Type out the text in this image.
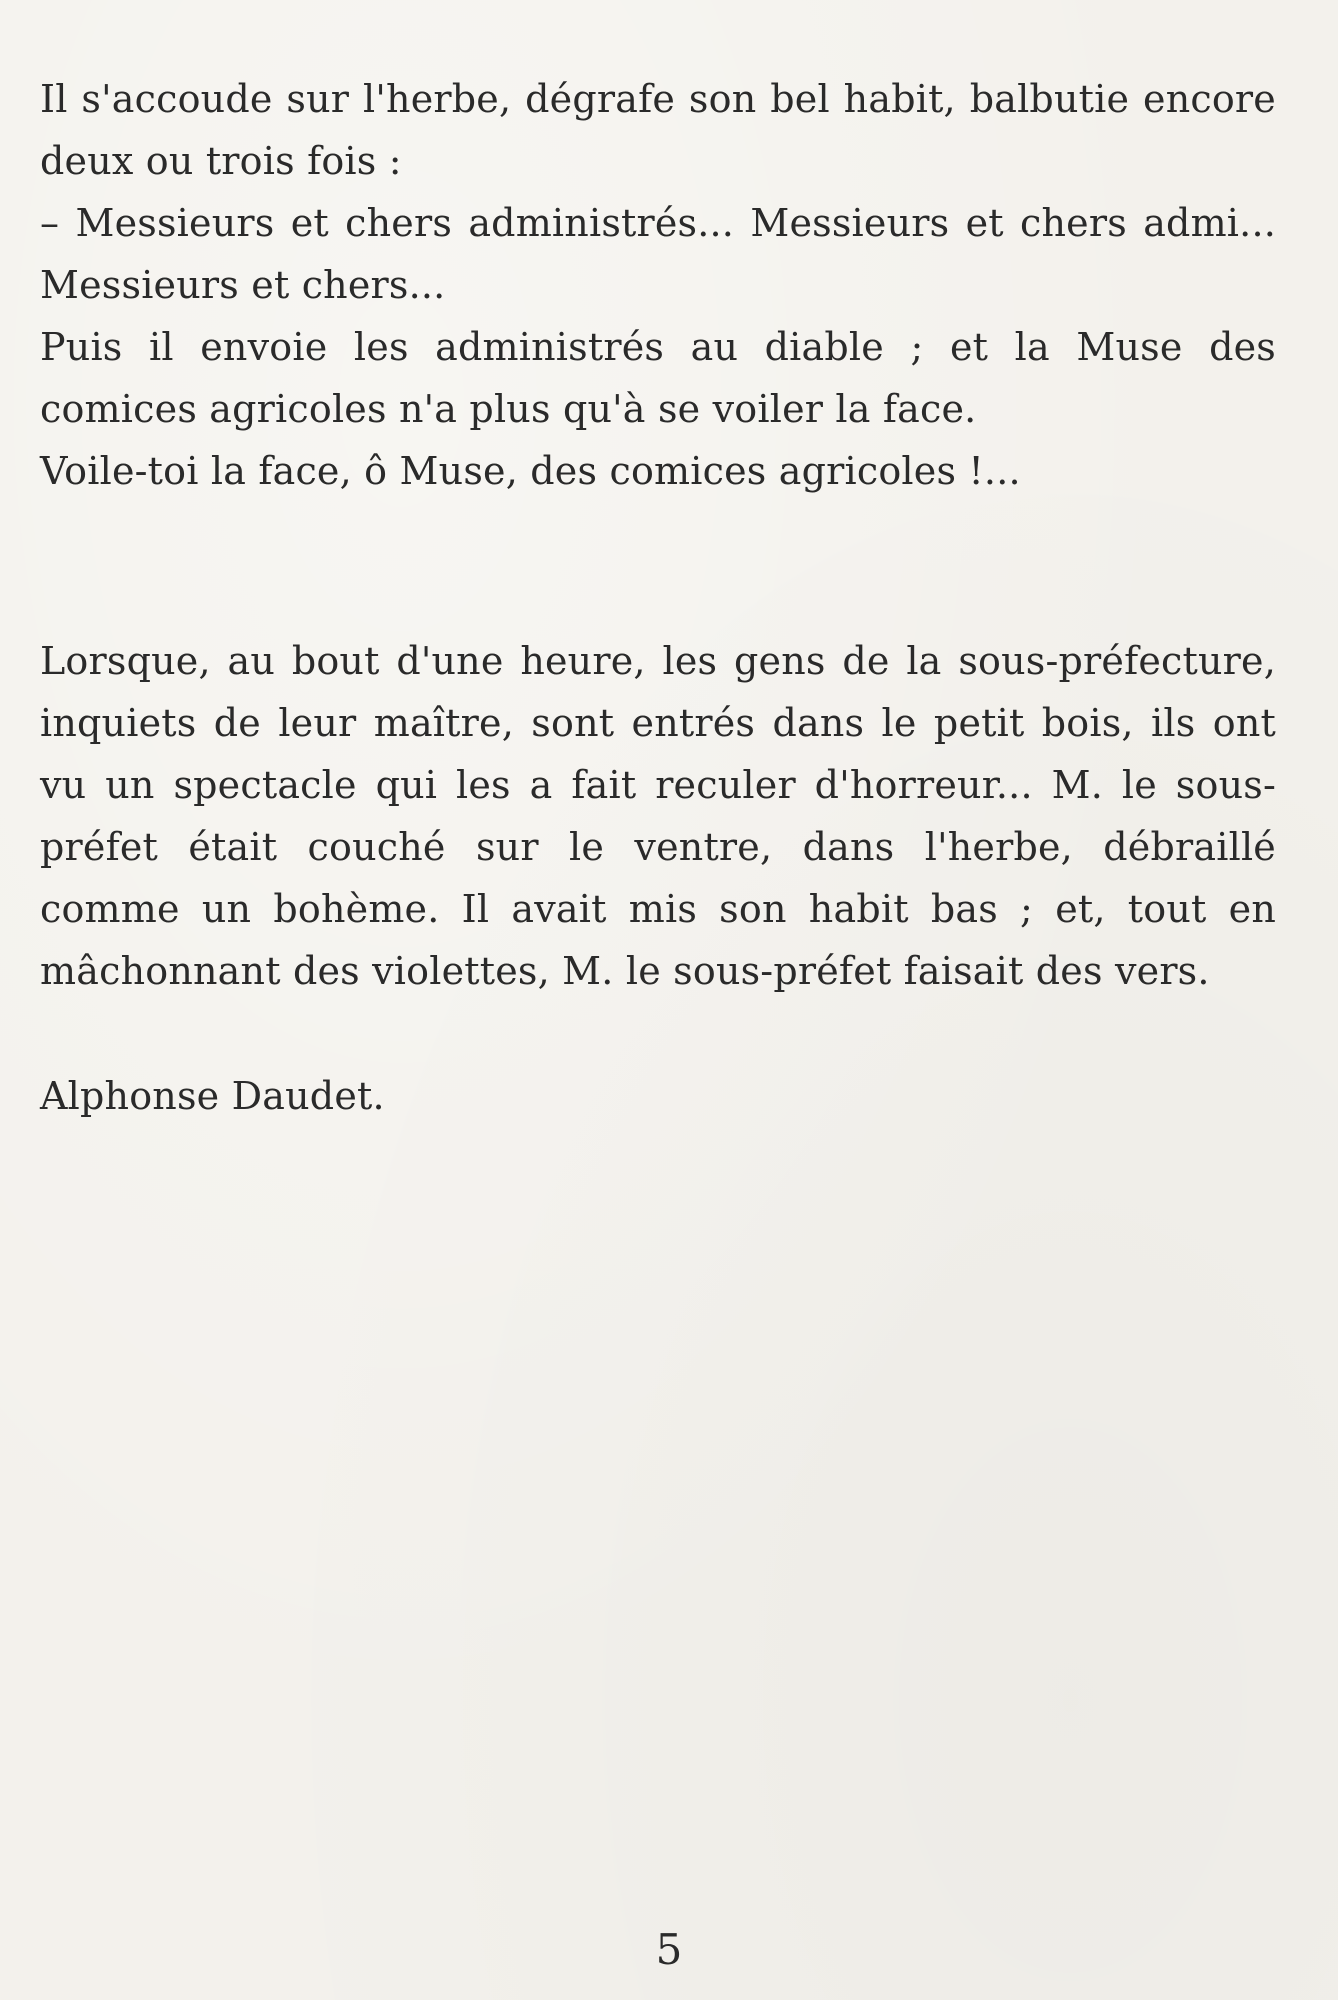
Il s'accoude sur l'herbe, dégrafe son bel habit, balbutie encore
deux ou trois fois :
– Messieurs et chers administrés... Messieurs et chers admi...
Messieurs et chers...
Puis il envoie les administrés au diable ; et la Muse des
comices agricoles n'a plus qu'à se voiler la face.
Voile-toi la face, ô Muse, des comices agricoles !...
Lorsque, au bout d'une heure, les gens de la sous-préfecture,
inquiets de leur maître, sont entrés dans le petit bois, ils ont
vu un spectacle qui les a fait reculer d'horreur... M. le sous-
préfet était couché sur le ventre, dans l'herbe, débraillé
comme un bohème. Il avait mis son habit bas ; et, tout en
mâchonnant des violettes, M. le sous-préfet faisait des vers.
Alphonse Daudet.
5
